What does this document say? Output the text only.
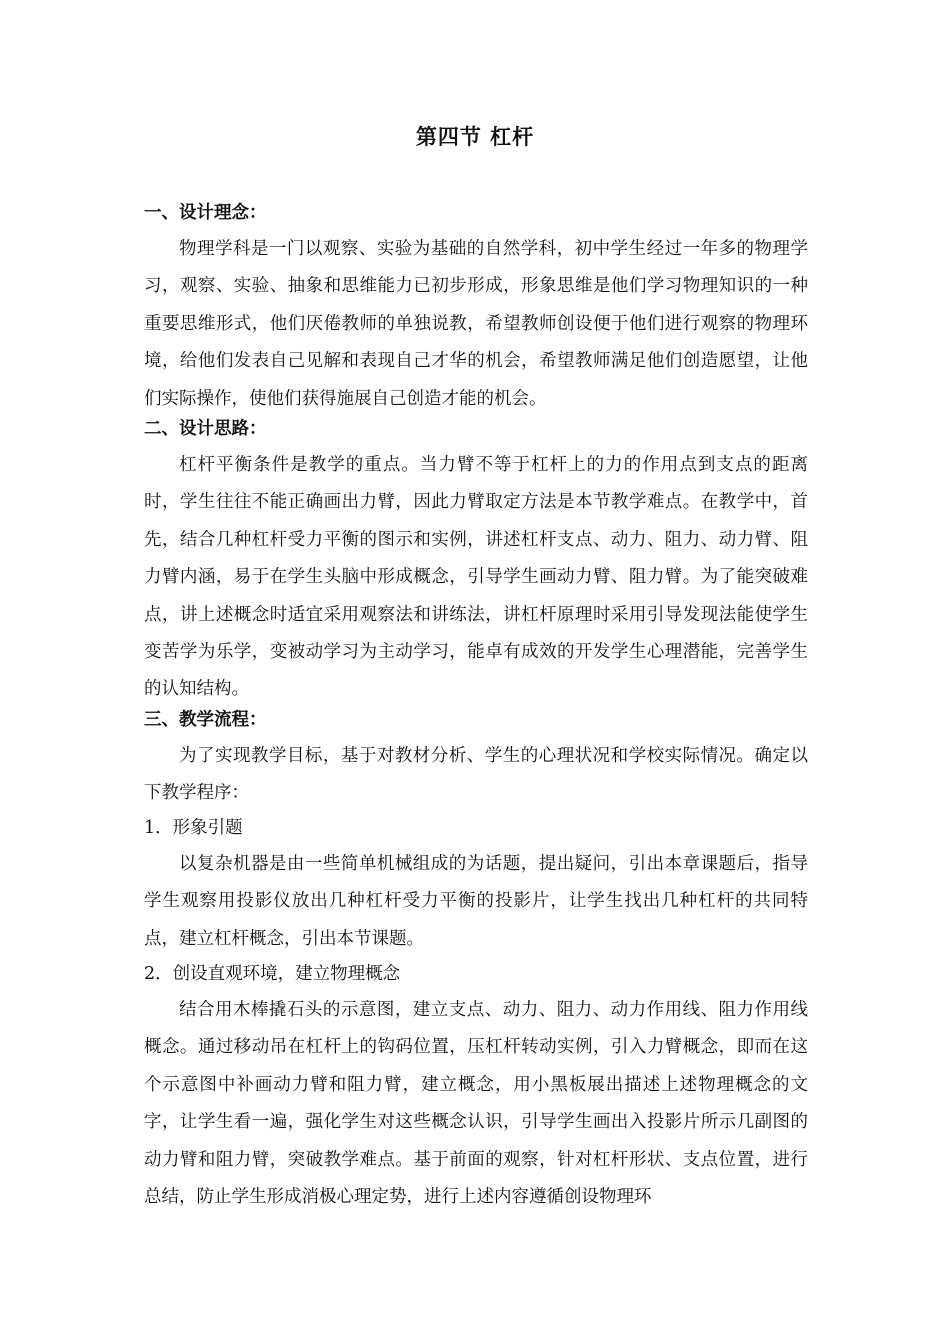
第四节 杠杆
一、设计理念：

物理学科是一门以观察、实验为基础的自然学科，初中学生经过一年多的物理学习，观察、实验、抽象和思维能力已初步形成，形象思维是他们学习物理知识的一种重要思维形式，他们厌倦教师的单独说教，希望教师创设便于他们进行观察的物理环境，给他们发表自己见解和表现自己才华的机会，希望教师满足他们创造愿望，让他们实际操作，使他们获得施展自己创造才能的机会。

二、设计思路：

杠杆平衡条件是教学的重点。当力臂不等于杠杆上的力的作用点到支点的距离时，学生往往不能正确画出力臂，因此力臂取定方法是本节教学难点。在教学中，首先，结合几种杠杆受力平衡的图示和实例，讲述杠杆支点、动力、阻力、动力臂、阻力臂内涵，易于在学生头脑中形成概念，引导学生画动力臂、阻力臂。为了能突破难点，讲上述概念时适宜采用观察法和讲练法，讲杠杆原理时采用引导发现法能使学生变苦学为乐学，变被动学习为主动学习，能卓有成效的开发学生心理潜能，完善学生的认知结构。

三、教学流程：

为了实现教学目标，基于对教材分析、学生的心理状况和学校实际情况。确定以下教学程序：

1．形象引题

以复杂机器是由一些简单机械组成的为话题，提出疑问，引出本章课题后，指导学生观察用投影仪放出几种杠杆受力平衡的投影片，让学生找出几种杠杆的共同特点，建立杠杆概念，引出本节课题。

2．创设直观环境，建立物理概念

结合用木棒撬石头的示意图，建立支点、动力、阻力、动力作用线、阻力作用线概念。通过移动吊在杠杆上的钩码位置，压杠杆转动实例，引入力臂概念，即而在这个示意图中补画动力臂和阻力臂，建立概念，用小黑板展出描述上述物理概念的文字，让学生看一遍，强化学生对这些概念认识，引导学生画出入投影片所示几副图的动力臂和阻力臂，突破教学难点。基于前面的观察，针对杠杆形状、支点位置，进行总结，防止学生形成消极心理定势，进行上述内容遵循创设物理环
